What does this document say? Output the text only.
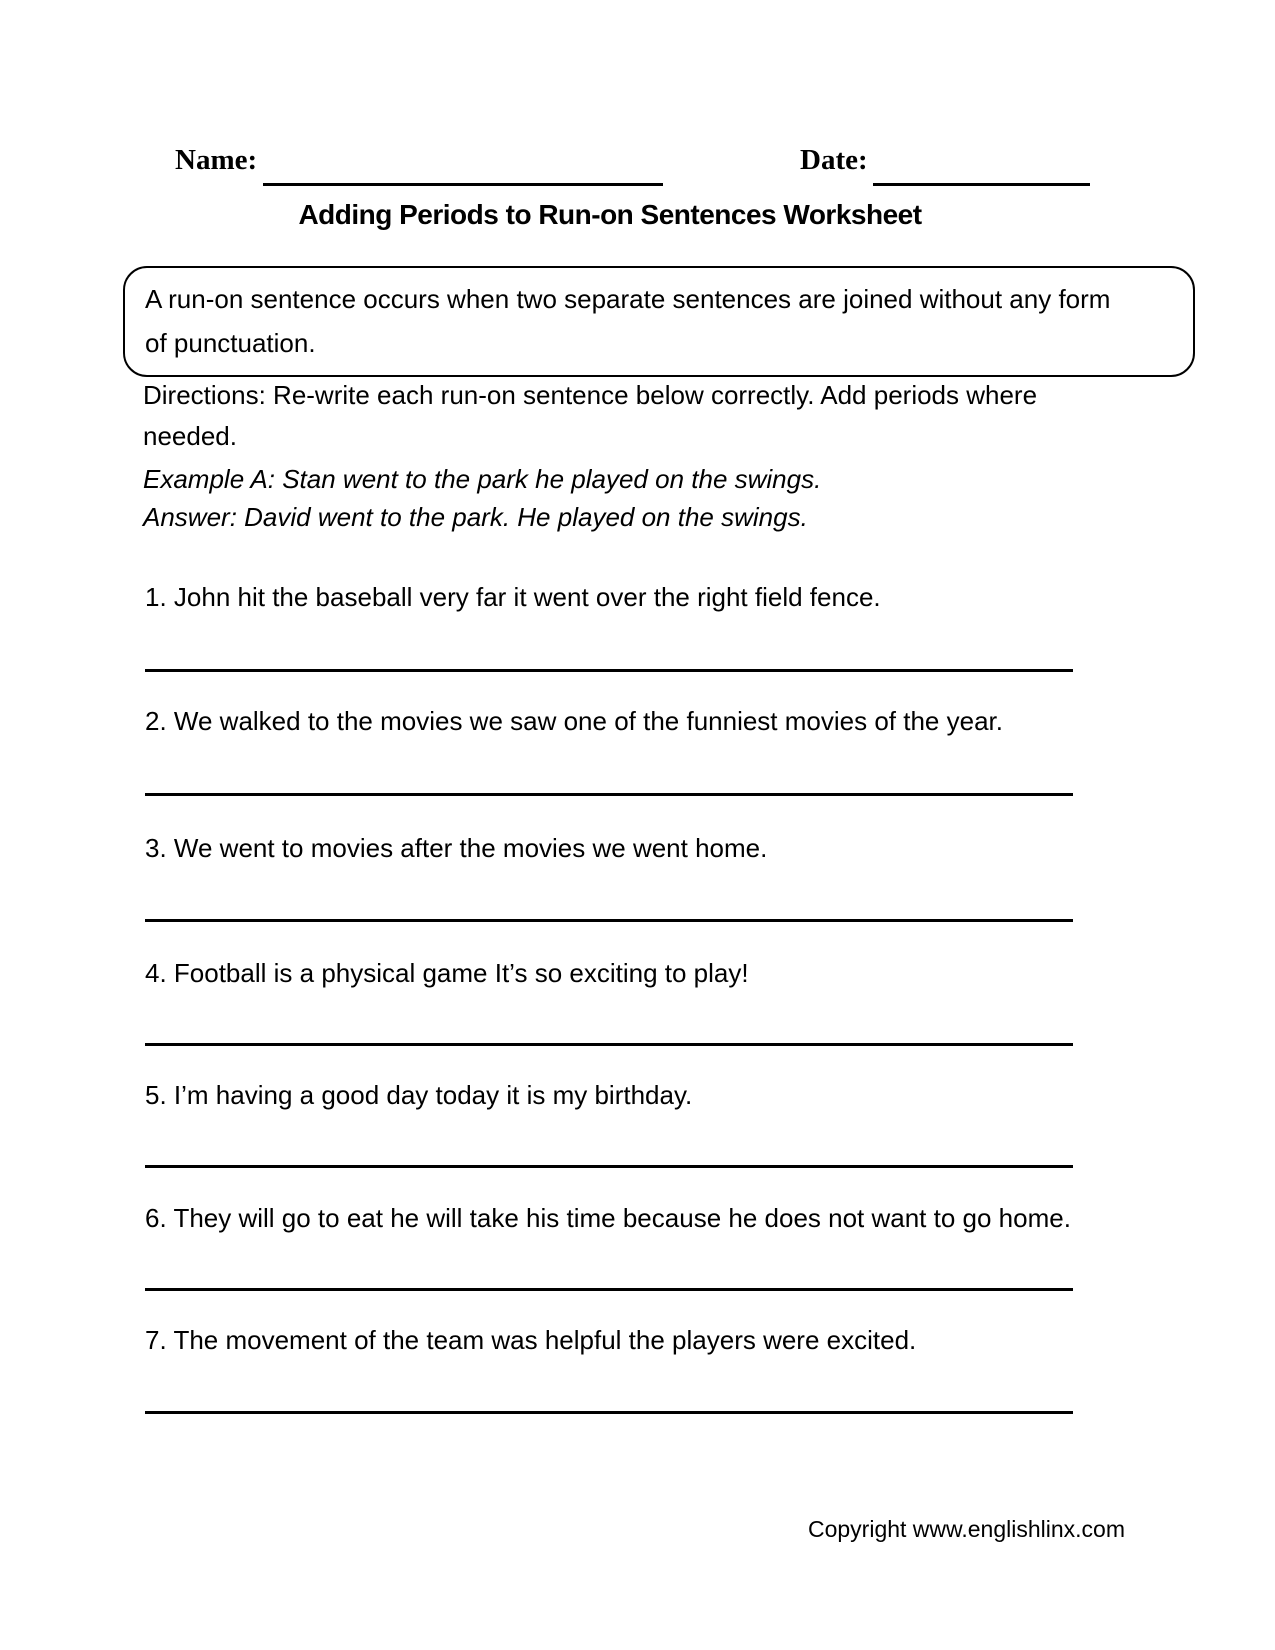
Name:	Date:
Adding Periods to Run-on Sentences Worksheet
A run-on sentence occurs when two separate sentences are joined without any form of punctuation.
Directions: Re-write each run-on sentence below correctly. Add periods where needed.
Example A: Stan went to the park he played on the swings.
Answer: David went to the park. He played on the swings.
1. John hit the baseball very far it went over the right field fence.
2. We walked to the movies we saw one of the funniest movies of the year.
3. We went to movies after the movies we went home.
4. Football is a physical game It’s so exciting to play!
5. I’m having a good day today it is my birthday.
6. They will go to eat he will take his time because he does not want to go home.
7. The movement of the team was helpful the players were excited.
Copyright www.englishlinx.com
